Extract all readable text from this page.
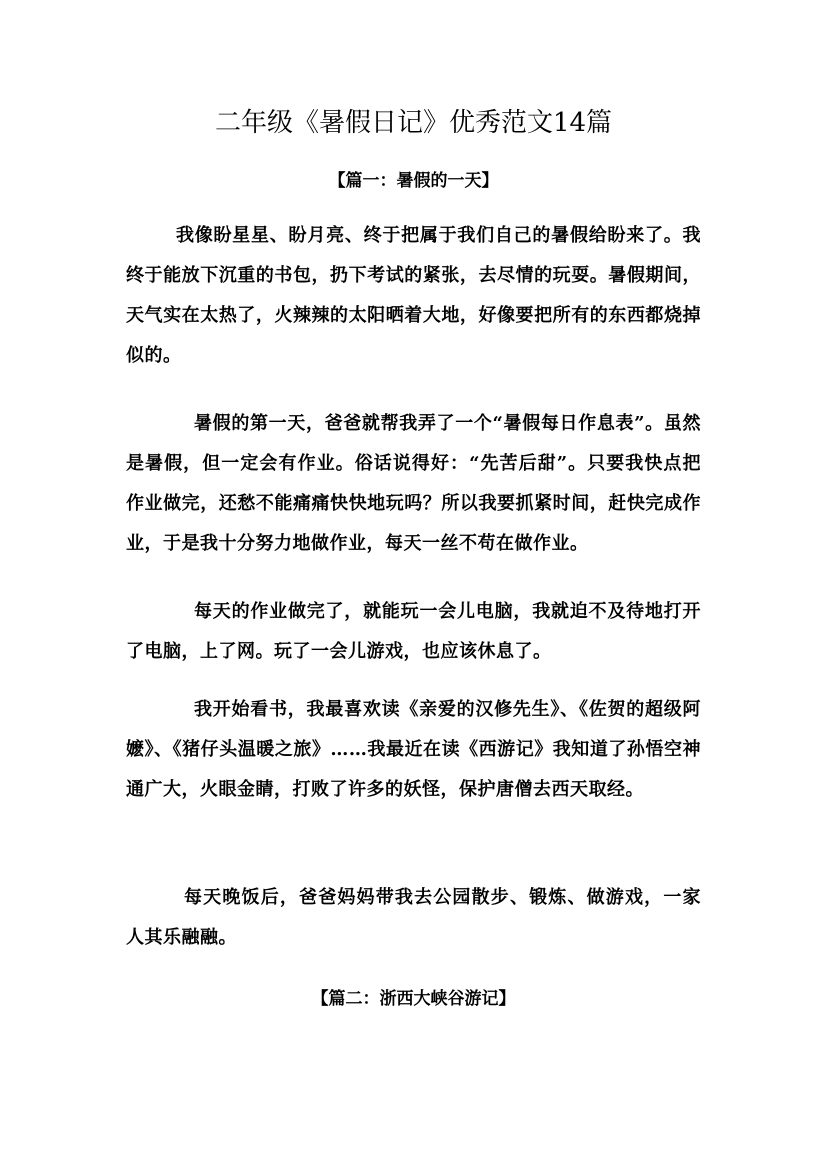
二年级《暑假日记》优秀范文14篇
【篇一：暑假的一天】

我像盼星星、盼月亮、终于把属于我们自己的暑假给盼来了。我终于能放下沉重的书包，扔下考试的紧张，去尽情的玩耍。暑假期间，天气实在太热了，火辣辣的太阳晒着大地，好像要把所有的东西都烧掉似的。

暑假的第一天，爸爸就帮我弄了一个“暑假每日作息表”。虽然是暑假，但一定会有作业。俗话说得好：“先苦后甜”。只要我快点把作业做完，还愁不能痛痛快快地玩吗？所以我要抓紧时间，赶快完成作业，于是我十分努力地做作业，每天一丝不苟在做作业。

每天的作业做完了，就能玩一会儿电脑，我就迫不及待地打开了电脑，上了网。玩了一会儿游戏，也应该休息了。

我开始看书，我最喜欢读《亲爱的汉修先生》、《佐贺的超级阿嬷》、《猪仔头温暖之旅》……我最近在读《西游记》我知道了孙悟空神通广大，火眼金睛，打败了许多的妖怪，保护唐僧去西天取经。

每天晚饭后，爸爸妈妈带我去公园散步、锻炼、做游戏，一家人其乐融融。

【篇二：浙西大峡谷游记】
